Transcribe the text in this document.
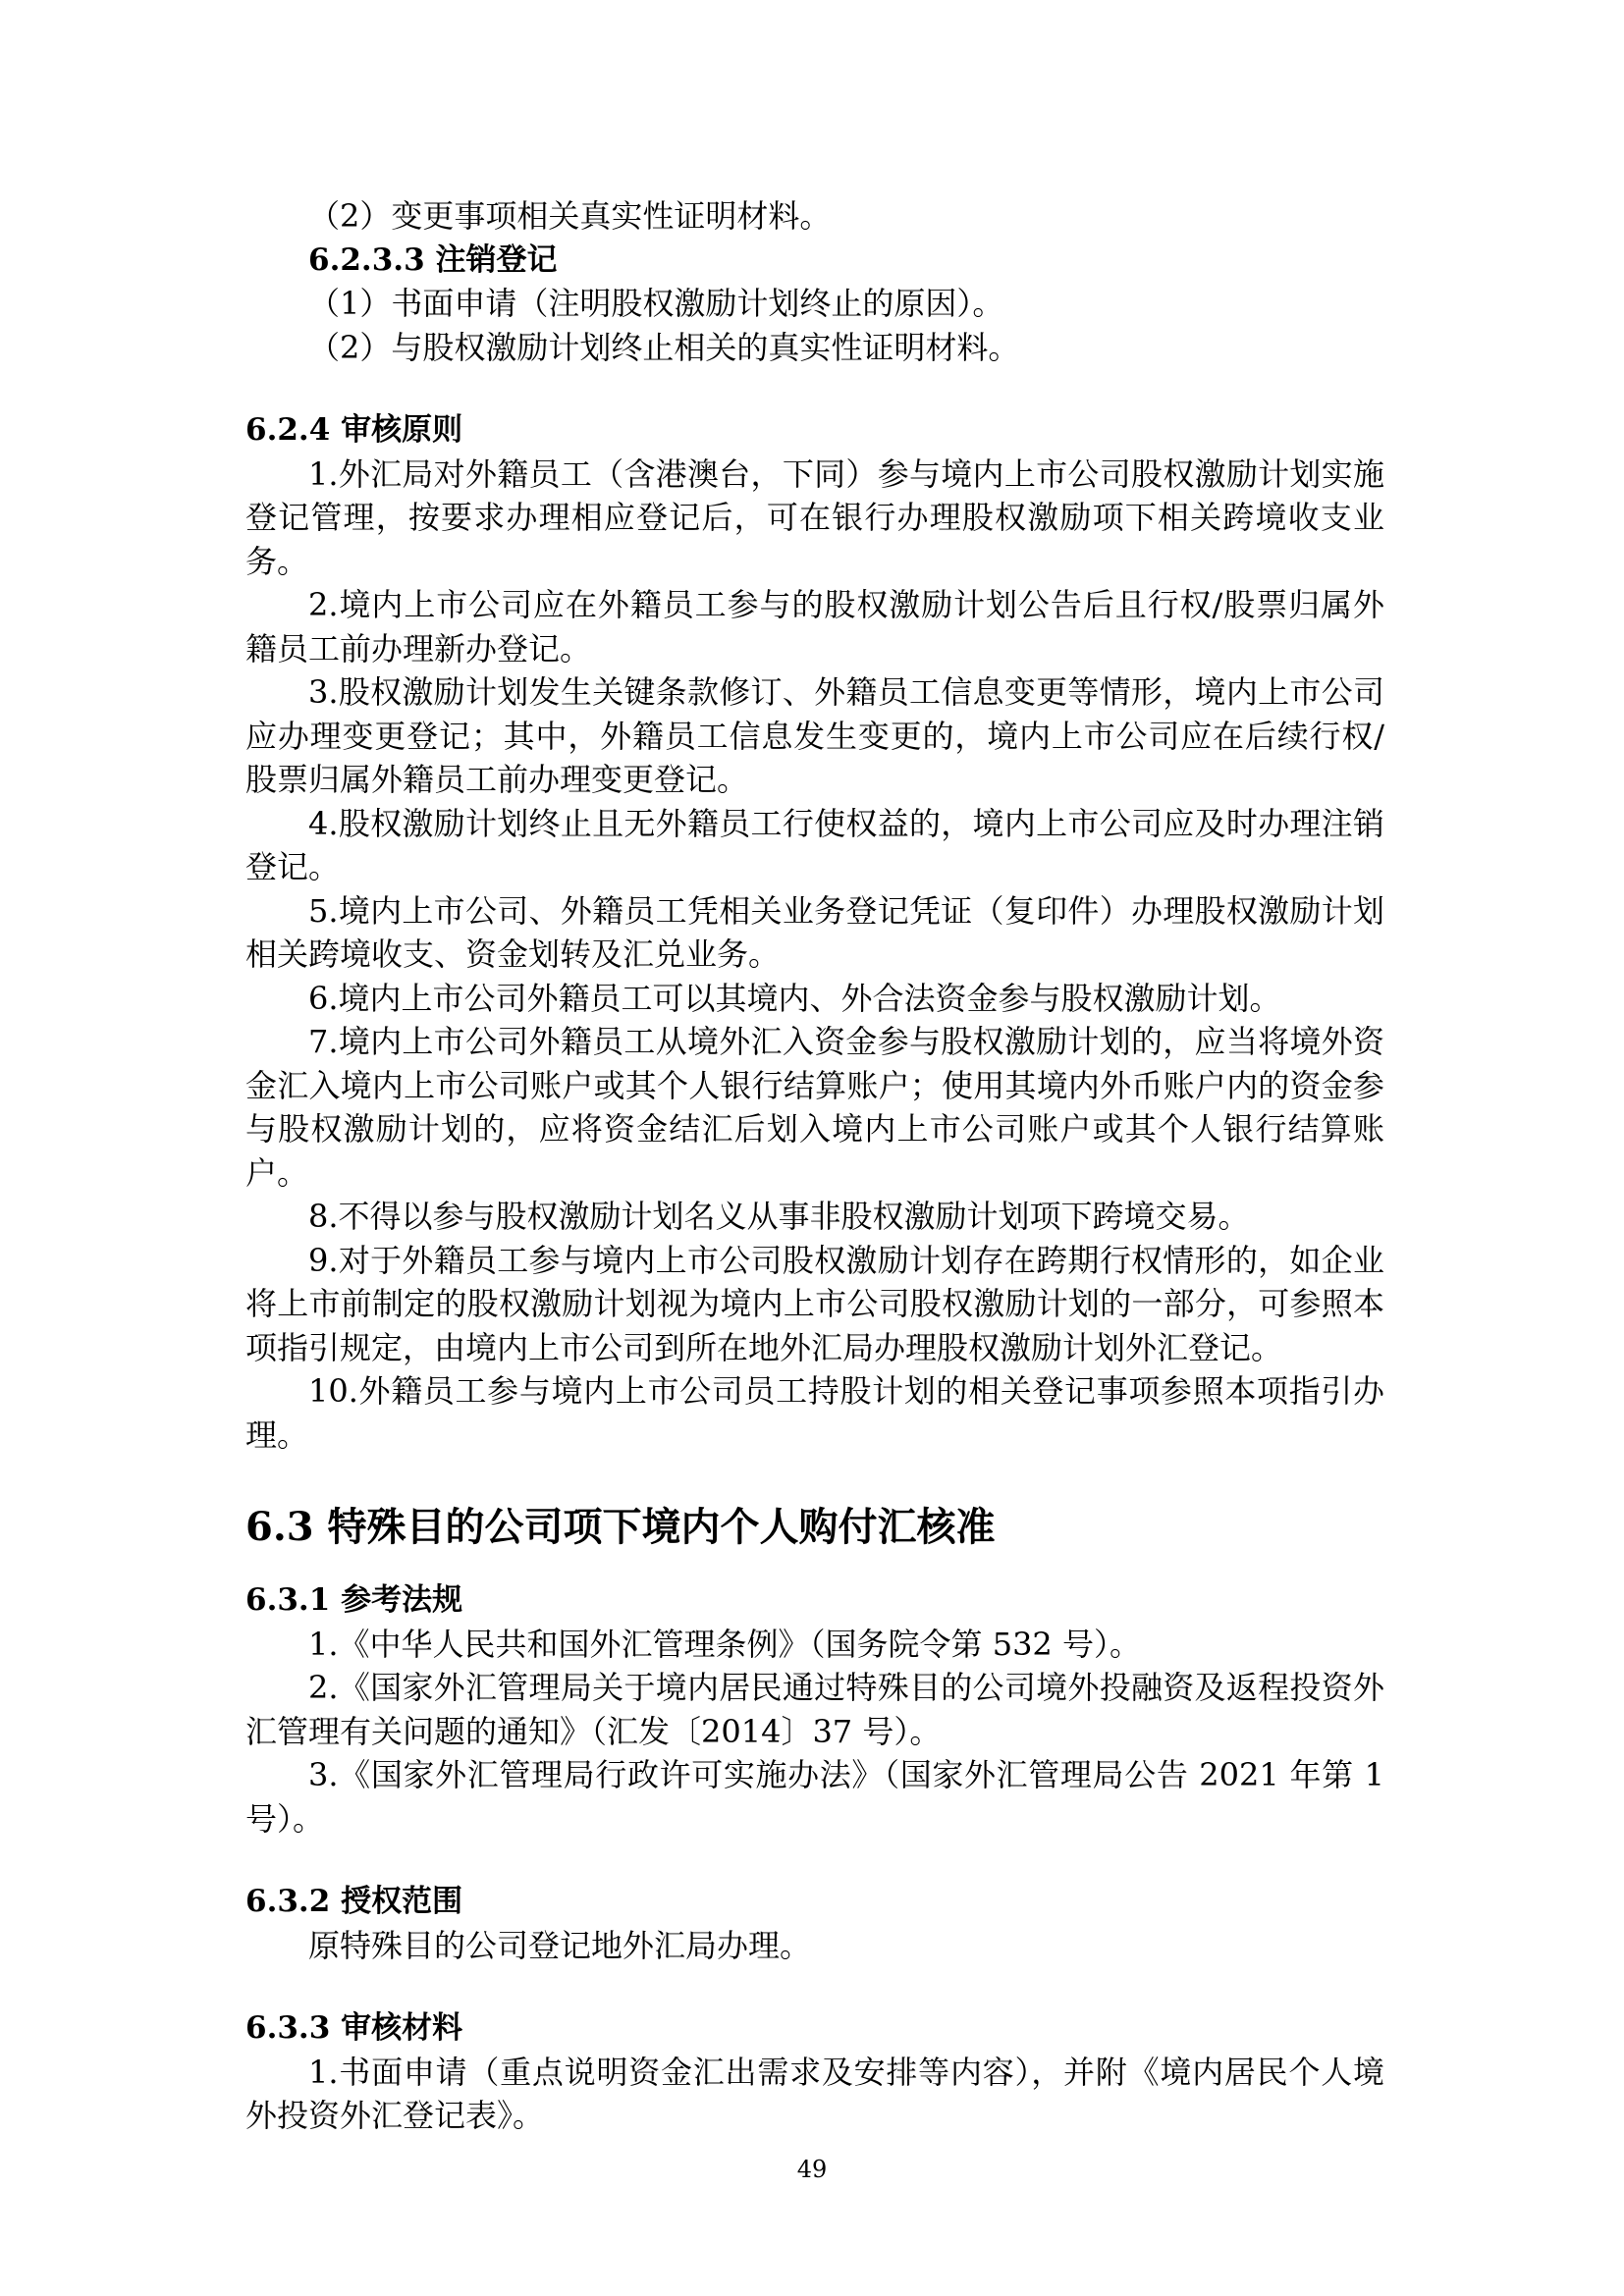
（2）变更事项相关真实性证明材料。

6.2.3.3 注销登记

（1）书面申请（注明股权激励计划终止的原因）。

（2）与股权激励计划终止相关的真实性证明材料。

6.2.4 审核原则

1.外汇局对外籍员工（含港澳台，下同）参与境内上市公司股权激励计划实施登记管理，按要求办理相应登记后，可在银行办理股权激励项下相关跨境收支业务。

2.境内上市公司应在外籍员工参与的股权激励计划公告后且行权/股票归属外籍员工前办理新办登记。

3.股权激励计划发生关键条款修订、外籍员工信息变更等情形，境内上市公司应办理变更登记；其中，外籍员工信息发生变更的，境内上市公司应在后续行权/股票归属外籍员工前办理变更登记。

4.股权激励计划终止且无外籍员工行使权益的，境内上市公司应及时办理注销登记。

5.境内上市公司、外籍员工凭相关业务登记凭证（复印件）办理股权激励计划相关跨境收支、资金划转及汇兑业务。

6.境内上市公司外籍员工可以其境内、外合法资金参与股权激励计划。

7.境内上市公司外籍员工从境外汇入资金参与股权激励计划的，应当将境外资金汇入境内上市公司账户或其个人银行结算账户；使用其境内外币账户内的资金参与股权激励计划的，应将资金结汇后划入境内上市公司账户或其个人银行结算账户。

8.不得以参与股权激励计划名义从事非股权激励计划项下跨境交易。

9.对于外籍员工参与境内上市公司股权激励计划存在跨期行权情形的，如企业将上市前制定的股权激励计划视为境内上市公司股权激励计划的一部分，可参照本项指引规定，由境内上市公司到所在地外汇局办理股权激励计划外汇登记。

10.外籍员工参与境内上市公司员工持股计划的相关登记事项参照本项指引办理。

6.3 特殊目的公司项下境内个人购付汇核准

6.3.1 参考法规

1.《中华人民共和国外汇管理条例》（国务院令第 532 号）。

2.《国家外汇管理局关于境内居民通过特殊目的公司境外投融资及返程投资外汇管理有关问题的通知》（汇发〔2014〕37 号）。

3.《国家外汇管理局行政许可实施办法》（国家外汇管理局公告 2021 年第 1 号）。

6.3.2 授权范围

原特殊目的公司登记地外汇局办理。

6.3.3 审核材料

1.书面申请（重点说明资金汇出需求及安排等内容），并附《境内居民个人境外投资外汇登记表》。

49
